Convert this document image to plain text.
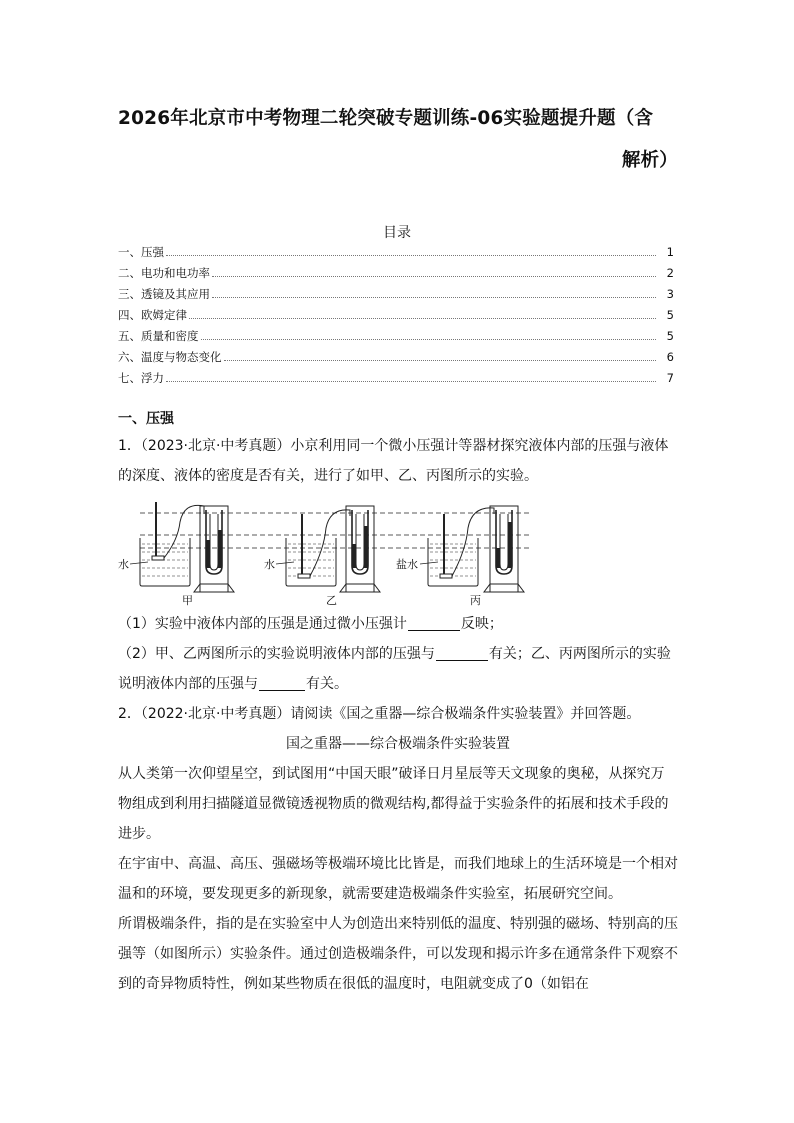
2026年北京市中考物理二轮突破专题训练-06实验题提升题（含
解析）
目录
一、压强	1
二、电功和电功率	2
三、透镜及其应用	3
四、欧姆定律	5
五、质量和密度	5
六、温度与物态变化	6
七、浮力	7

一、压强

1．（2023·北京·中考真题）小京利用同一个微小压强计等器材探究液体内部的压强与液体的深度、液体的密度是否有关，进行了如甲、乙、丙图所示的实验。

（1）实验中液体内部的压强是通过微小压强计	反映；

（2）甲、乙两图所示的实验说明液体内部的压强与	有关；乙、丙两图所示的实验说明液体内部的压强与	有关。

2．（2022·北京·中考真题）请阅读《国之重器—综合极端条件实验装置》并回答题。

国之重器——综合极端条件实验装置

从人类第一次仰望星空，到试图用“中国天眼”破译日月星辰等天文现象的奥秘，从探究万物组成到利用扫描隧道显微镜透视物质的微观结构,都得益于实验条件的拓展和技术手段的进步。

在宇宙中、高温、高压、强磁场等极端环境比比皆是，而我们地球上的生活环境是一个相对温和的环境，要发现更多的新现象，就需要建造极端条件实验室，拓展研究空间。

所谓极端条件，指的是在实验室中人为创造出来特别低的温度、特别强的磁场、特别高的压强等（如图所示）实验条件。通过创造极端条件，可以发现和揭示许多在通常条件下观察不到的奇异物质特性，例如某些物质在很低的温度时，电阻就变成了0（如铝在

水	水	盐水
甲	乙	丙
